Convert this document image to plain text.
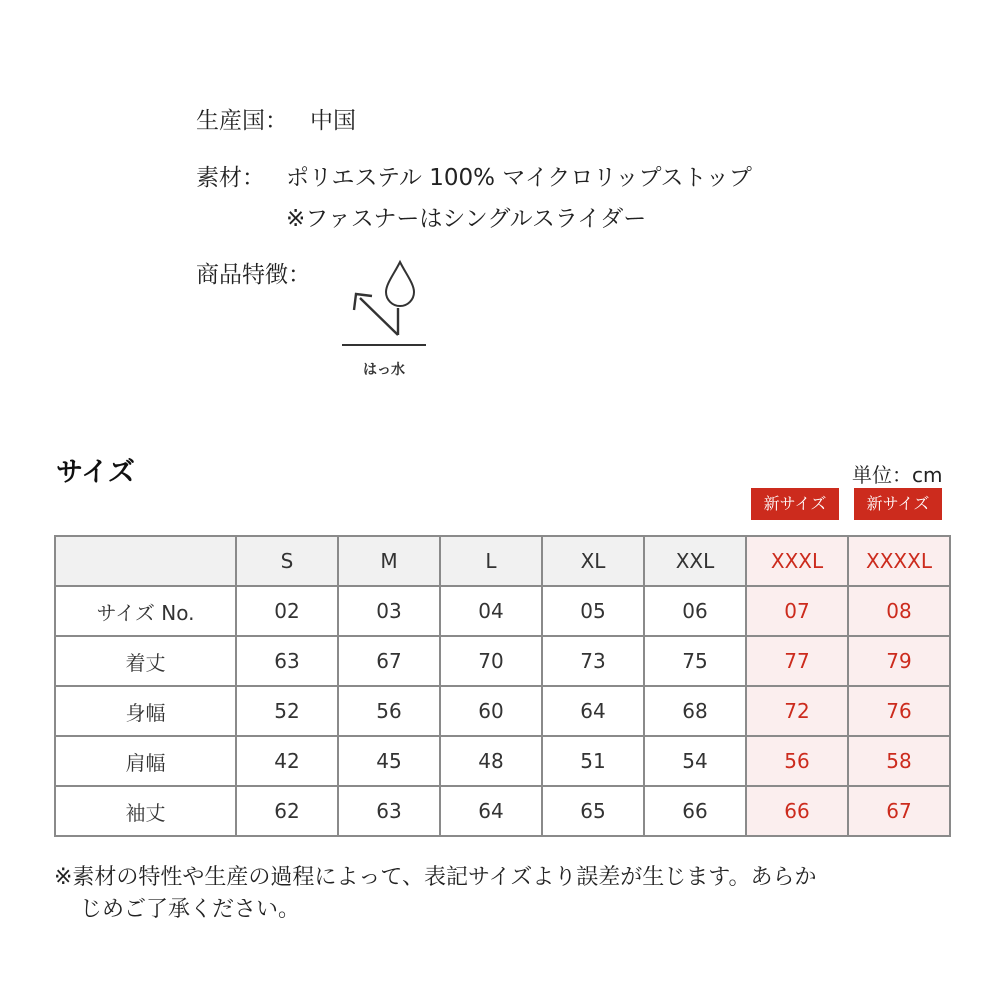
生産国： 中国
素材： ポリエステル 100% マイクロリップストップ
※ファスナーはシングルスライダー
商品特徴：
はっ水
サイズ	単位：cm
新サイズ	新サイズ
	S	M	L	XL	XXL	XXXL	XXXXL
サイズ No.	02	03	04	05	06	07	08
着丈	63	67	70	73	75	77	79
身幅	52	56	60	64	68	72	76
肩幅	42	45	48	51	54	56	58
袖丈	62	63	64	65	66	66	67
※素材の特性や生産の過程によって、表記サイズより誤差が生じます。あらか
じめご了承ください。
